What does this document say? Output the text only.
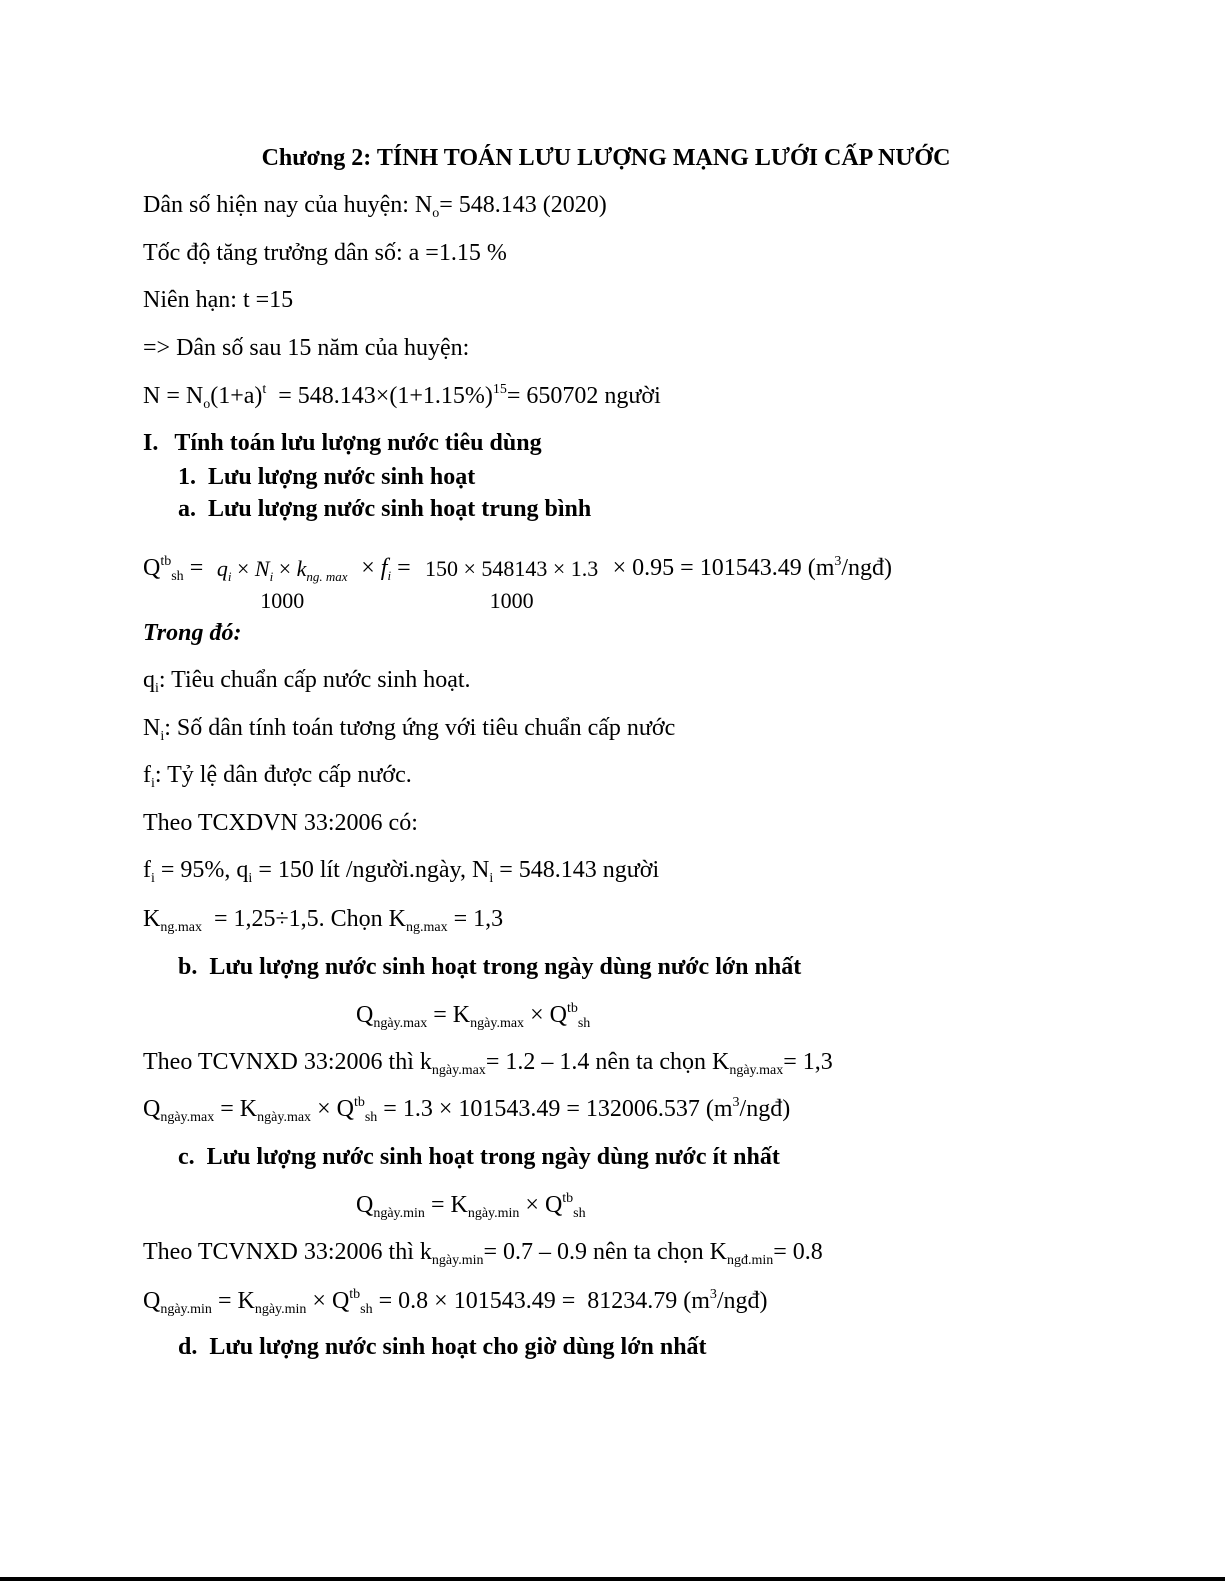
Chương 2: TÍNH TOÁN LƯU LƯỢNG MẠNG LƯỚI CẤP NƯỚC
Dân số hiện nay của huyện: $N_o= 548.143$ (2020)
Tốc độ tăng trưởng dân số: a =1.15 %
Niên hạn: t =15
=> Dân số sau 15 năm của huyện:
$N = N_o(1+a)^t = 548.143\times(1+1.15\%)^{15}= 650702$ người
I. Tính toán lưu lượng nước tiêu dùng
1. Lưu lượng nước sinh hoạt
a. Lưu lượng nước sinh hoạt trung bình
$Q^{tb}_{sh} = q_i \times N_i \times k_{ng. max}$
1000
× $f_i = 150 \times 548143 \times 1.3$
1000
× 0.95 = 101543.49 $(m^3/ngđ)$
Trong đó:
$q_i$: Tiêu chuẩn cấp nước sinh hoạt.
$N_i$: Số dân tính toán tương ứng với tiêu chuẩn cấp nước
$f_i$: Tỷ lệ dân được cấp nước.
Theo TCXDVN 33:2006 có:
$f_i = 95\%$, $q_i = 150$ lít /người.ngày, $N_i = 548.143$ người
$K_{ng.max} = 1,25\div 1,5$. Chọn $K_{ng.max} = 1,3$
b. Lưu lượng nước sinh hoạt trong ngày dùng nước lớn nhất
$Q_{ngày.max} = K_{ngày.max} \times Q^{tb}_{sh}$
Theo TCVNXD 33:2006 thì $k_{ngày.max}= 1.2 - 1.4$ nên ta chọn $K_{ngày.max}= 1,3$
$Q_{ngày.max} = K_{ngày.max} \times Q^{tb}_{sh} = 1.3 \times 101543.49 = 132006.537$ $(m^3/ngđ)$
c. Lưu lượng nước sinh hoạt trong ngày dùng nước ít nhất
$Q_{ngày.min} = K_{ngày.min} \times Q^{tb}_{sh}$
Theo TCVNXD 33:2006 thì $k_{ngày.min}= 0.7 - 0.9$ nên ta chọn $K_{ngđ.min}= 0.8$
$Q_{ngày.min} = K_{ngày.min} \times Q^{tb}_{sh} = 0.8 \times 101543.49 = 81234.79$ $(m^3/ngđ)$
d. Lưu lượng nước sinh hoạt cho giờ dùng lớn nhất
